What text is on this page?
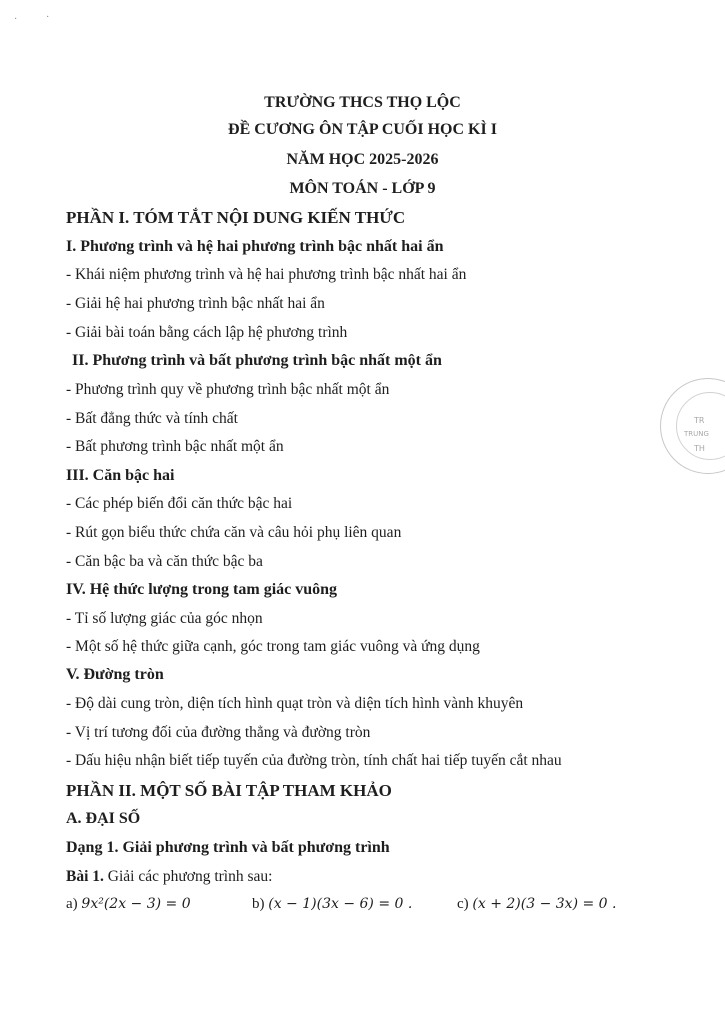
·	·
TRƯỜNG THCS THỌ LỘC
ĐỀ CƯƠNG ÔN TẬP CUỐI HỌC KÌ I
NĂM HỌC 2025-2026
MÔN TOÁN - LỚP 9
PHẦN I. TÓM TẮT NỘI DUNG KIẾN THỨC
I. Phương trình và hệ hai phương trình bậc nhất hai ẩn
- Khái niệm phương trình và hệ hai phương trình bậc nhất hai ẩn
- Giải hệ hai phương trình bậc nhất hai ẩn
- Giải bài toán bằng cách lập hệ phương trình
II. Phương trình và bất phương trình bậc nhất một ẩn
- Phương trình quy về phương trình bậc nhất một ẩn
- Bất đẳng thức và tính chất
- Bất phương trình bậc nhất một ẩn
III. Căn bậc hai
- Các phép biến đổi căn thức bậc hai
- Rút gọn biểu thức chứa căn và câu hỏi phụ liên quan
- Căn bậc ba và căn thức bậc ba
IV. Hệ thức lượng trong tam giác vuông
- Tỉ số lượng giác của góc nhọn
- Một số hệ thức giữa cạnh, góc trong tam giác vuông và ứng dụng
V. Đường tròn
- Độ dài cung tròn, diện tích hình quạt tròn và diện tích hình vành khuyên
- Vị trí tương đối của đường thẳng và đường tròn
- Dấu hiệu nhận biết tiếp tuyến của đường tròn, tính chất hai tiếp tuyến cắt nhau
PHẦN II. MỘT SỐ BÀI TẬP THAM KHẢO
A. ĐẠI SỐ
Dạng 1. Giải phương trình và bất phương trình
Bài 1. Giải các phương trình sau:
a) 9x²(2x − 3) = 0	b) (x − 1)(3x − 6) = 0 .	c) (x + 2)(3 − 3x) = 0 .
TR
TRUNG
TH
